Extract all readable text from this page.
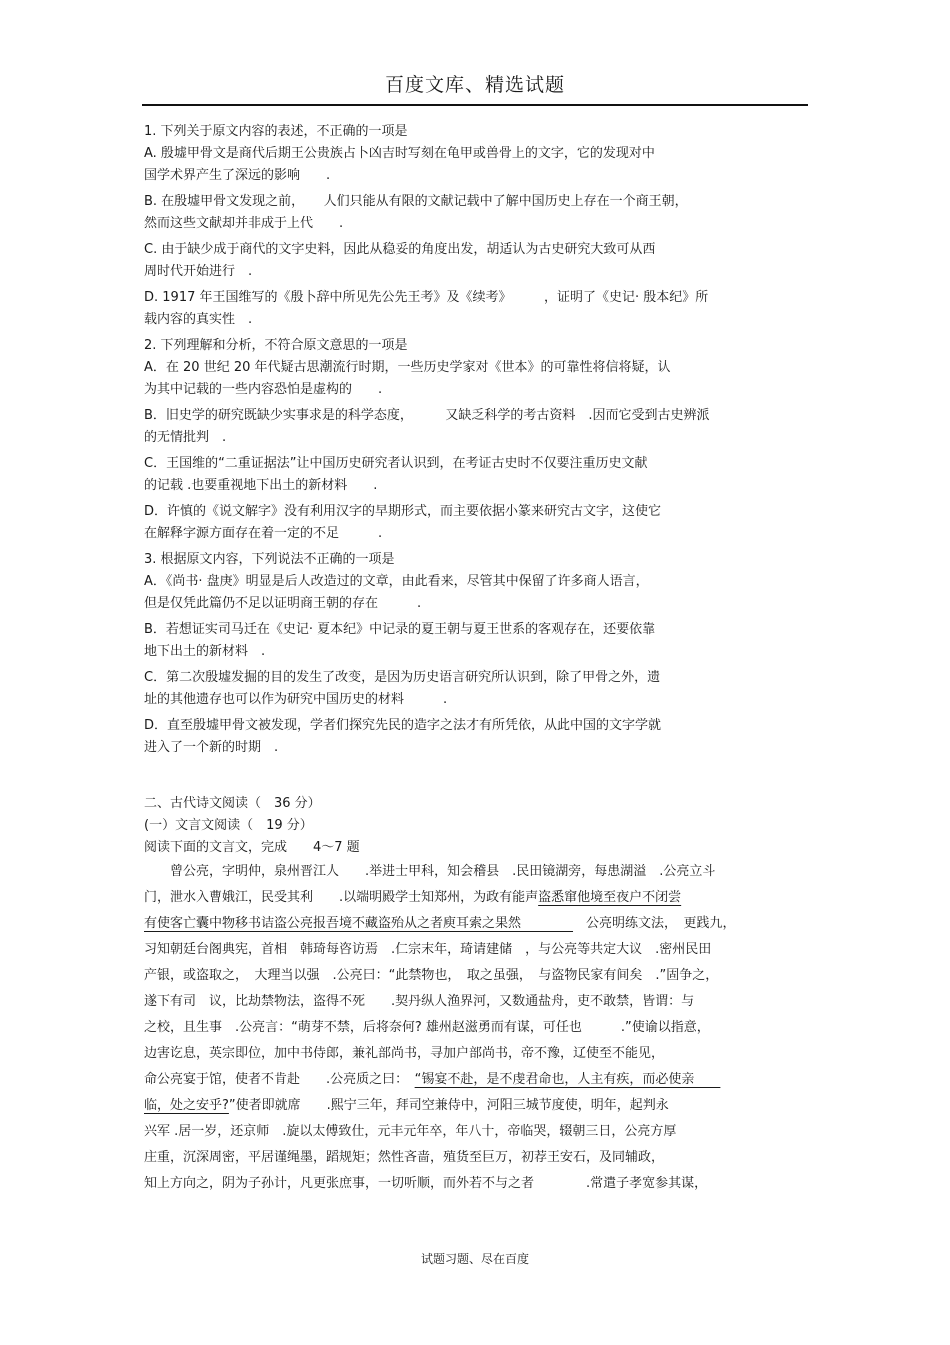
百度文库、精选试题
1. 下列关于原文内容的表述，不正确的一项是
A. 殷墟甲骨文是商代后期王公贵族占卜凶吉时写刻在龟甲或兽骨上的文字，它的发现对中
国学术界产生了深远的影响　　.
B. 在殷墟甲骨文发现之前，　　人们只能从有限的文献记载中了解中国历史上存在一个商王朝，
然而这些文献却并非成于上代　　.
C. 由于缺少成于商代的文字史料，因此从稳妥的角度出发，胡适认为古史研究大致可从西
周时代开始进行　.
D. 1917 年王国维写的《殷卜辞中所见先公先王考》及《续考》　　　，证明了《史记· 殷本纪》所
载内容的真实性　.
2. 下列理解和分析，不符合原文意思的一项是
A．在 20 世纪 20 年代疑古思潮流行时期，一些历史学家对《世本》的可靠性将信将疑，认
为其中记载的一些内容恐怕是虚构的　　.
B．旧史学的研究既缺少实事求是的科学态度，　　　又缺乏科学的考古资料　.因而它受到古史辨派
的无情批判　.
C．王国维的“二重证据法”让中国历史研究者认识到，在考证古史时不仅要注重历史文献
的记载 .也要重视地下出土的新材料　　.
D．许慎的《说文解字》没有利用汉字的早期形式，而主要依据小篆来研究古文字，这使它
在解释字源方面存在着一定的不足　　　.
3. 根据原文内容，下列说法不正确的一项是
A．《尚书· 盘庚》明显是后人改造过的文章，由此看来，尽管其中保留了许多商人语言，
但是仅凭此篇仍不足以证明商王朝的存在　　　.
B．若想证实司马迁在《史记· 夏本纪》中记录的夏王朝与夏王世系的客观存在，还要依靠
地下出土的新材料　.
C．第二次殷墟发掘的目的发生了改变，是因为历史语言研究所认识到，除了甲骨之外，遗
址的其他遗存也可以作为研究中国历史的材料　　　.
D．直至殷墟甲骨文被发现，学者们探究先民的造字之法才有所凭依，从此中国的文字学就
进入了一个新的时期　.
二、古代诗文阅读（　36 分）
(一）文言文阅读（　19 分）
阅读下面的文言文，完成　　4～7 题
　　曾公亮，字明仲，泉州晋江人　　.举进士甲科，知会稽县　.民田镜湖旁，每患湖溢　.公亮立斗
门，泄水入曹娥江，民受其利　　.以端明殿学士知郑州，为政有能声盗悉窜他境至夜户不闭尝
有使客亡囊中物移书诘盗公亮报吾境不藏盗殆从之者庾耳索之果然　　　　　公亮明练文法，　更践九，
习知朝廷台阁典宪，首相　韩琦每咨访焉　.仁宗末年，琦请建储　，与公亮等共定大议　.密州民田
产银，或盗取之，　大理当以强　.公亮曰：“此禁物也，　取之虽强，　与盗物民家有间矣　.”固争之，
遂下有司　议，比劫禁物法，盗得不死　　.契丹纵人渔界河，又数通盐舟，吏不敢禁，皆谓：与
之校，且生事　.公亮言：“萌芽不禁，后将奈何? 雄州赵滋勇而有谋，可任也　　　.”使谕以指意，
边害讫息，英宗即位，加中书侍郎，兼礼部尚书，寻加户部尚书，帝不豫，辽使至不能见，
命公亮宴于馆，使者不肯赴　　.公亮质之曰：　“锡宴不赴，是不虔君命也，人主有疾，而必使亲　　
临，处之安乎?”使者即就席　　.熙宁三年，拜司空兼侍中，河阳三城节度使，明年，起判永
兴军 .居一岁，还京师　.旋以太傅致仕，元丰元年卒，年八十，帝临哭，辍朝三日，公亮方厚
庄重，沉深周密，平居谨绳墨，蹈规矩；然性吝啬，殖货至巨万，初荐王安石，及同辅政，
知上方向之，阴为子孙计，凡更张庶事，一切听顺，而外若不与之者　　　　.常遣子孝宽参其谋，
试题习题、尽在百度
